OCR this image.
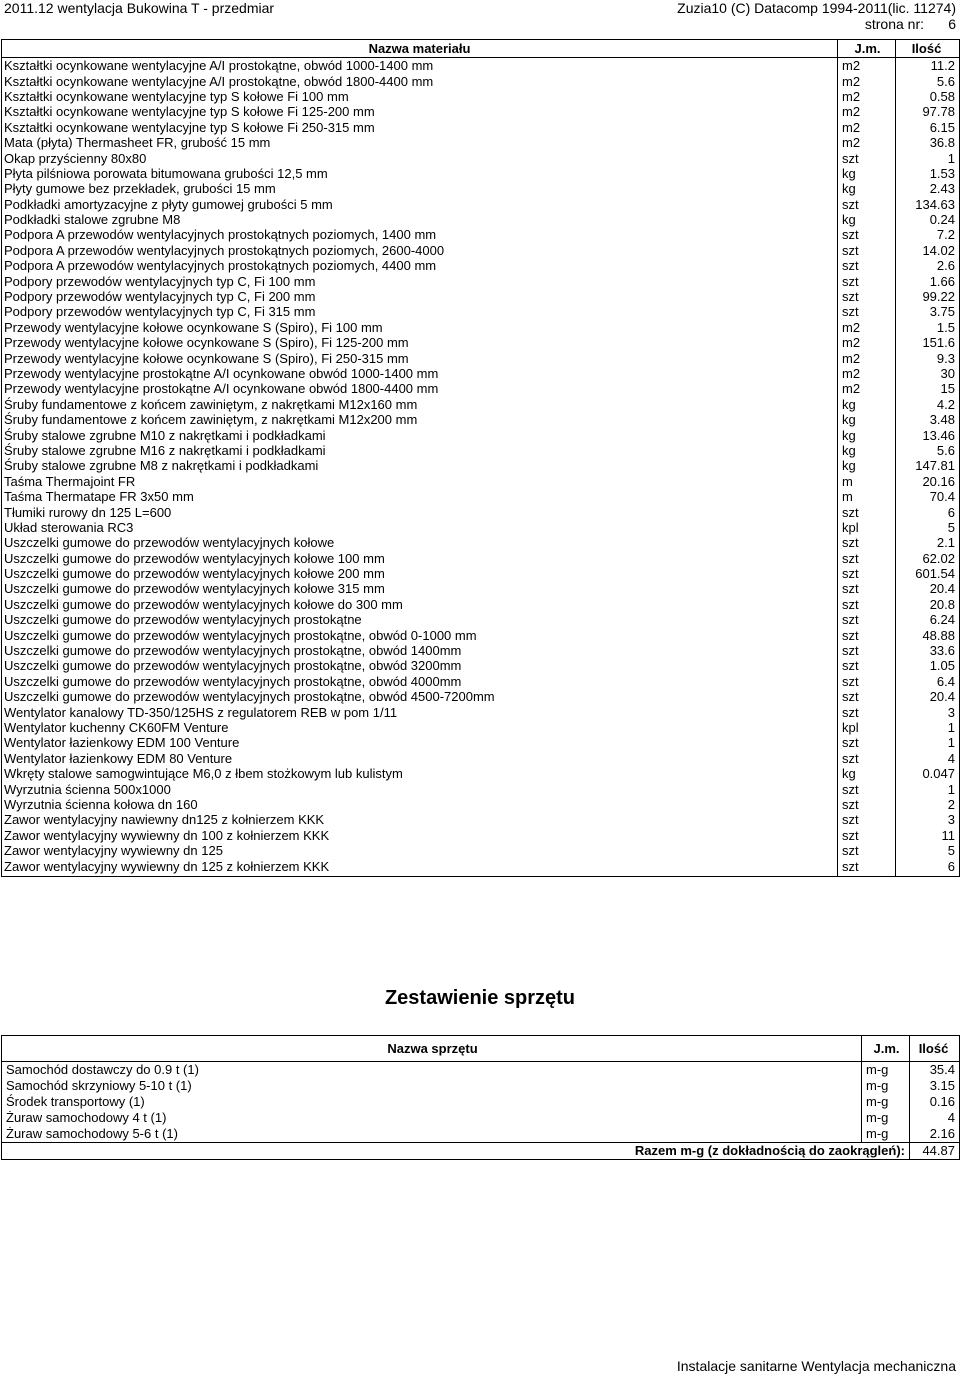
2011.12 wentylacja Bukowina T - przedmiar	Zuzia10 (C) Datacomp 1994-2011(lic. 11274)
strona nr: 6
Nazwa materiału	J.m.	Ilość
Kształtki ocynkowane wentylacyjne A/I prostokątne, obwód 1000-1400 mm	m2	11.2
Kształtki ocynkowane wentylacyjne A/I prostokątne, obwód 1800-4400 mm	m2	5.6
Kształtki ocynkowane wentylacyjne typ S kołowe Fi 100 mm	m2	0.58
Kształtki ocynkowane wentylacyjne typ S kołowe Fi 125-200 mm	m2	97.78
Kształtki ocynkowane wentylacyjne typ S kołowe Fi 250-315 mm	m2	6.15
Mata (płyta) Thermasheet FR, grubość 15 mm	m2	36.8
Okap przyścienny 80x80	szt	1
Płyta pilśniowa porowata bitumowana grubości 12,5 mm	kg	1.53
Płyty gumowe bez przekładek, grubości 15 mm	kg	2.43
Podkładki amortyzacyjne z płyty gumowej grubości 5 mm	szt	134.63
Podkładki stalowe zgrubne M8	kg	0.24
Podpora A przewodów wentylacyjnych prostokątnych poziomych, 1400 mm	szt	7.2
Podpora A przewodów wentylacyjnych prostokątnych poziomych, 2600-4000	szt	14.02
Podpora A przewodów wentylacyjnych prostokątnych poziomych, 4400 mm	szt	2.6
Podpory przewodów wentylacyjnych typ C, Fi 100 mm	szt	1.66
Podpory przewodów wentylacyjnych typ C, Fi 200 mm	szt	99.22
Podpory przewodów wentylacyjnych typ C, Fi 315 mm	szt	3.75
Przewody wentylacyjne kołowe ocynkowane S (Spiro), Fi 100 mm	m2	1.5
Przewody wentylacyjne kołowe ocynkowane S (Spiro), Fi 125-200 mm	m2	151.6
Przewody wentylacyjne kołowe ocynkowane S (Spiro), Fi 250-315 mm	m2	9.3
Przewody wentylacyjne prostokątne A/I ocynkowane obwód 1000-1400 mm	m2	30
Przewody wentylacyjne prostokątne A/I ocynkowane obwód 1800-4400 mm	m2	15
Śruby fundamentowe z końcem zawiniętym, z nakrętkami M12x160 mm	kg	4.2
Śruby fundamentowe z końcem zawiniętym, z nakrętkami M12x200 mm	kg	3.48
Śruby stalowe zgrubne M10 z nakrętkami i podkładkami	kg	13.46
Śruby stalowe zgrubne M16 z nakrętkami i podkładkami	kg	5.6
Śruby stalowe zgrubne M8 z nakrętkami i podkładkami	kg	147.81
Taśma Thermajoint FR	m	20.16
Taśma Thermatape FR 3x50 mm	m	70.4
Tłumiki rurowy dn 125 L=600	szt	6
Układ sterowania RC3	kpl	5
Uszczelki gumowe do przewodów wentylacyjnych kołowe	szt	2.1
Uszczelki gumowe do przewodów wentylacyjnych kołowe 100 mm	szt	62.02
Uszczelki gumowe do przewodów wentylacyjnych kołowe 200 mm	szt	601.54
Uszczelki gumowe do przewodów wentylacyjnych kołowe 315 mm	szt	20.4
Uszczelki gumowe do przewodów wentylacyjnych kołowe do 300 mm	szt	20.8
Uszczelki gumowe do przewodów wentylacyjnych prostokątne	szt	6.24
Uszczelki gumowe do przewodów wentylacyjnych prostokątne, obwód 0-1000 mm	szt	48.88
Uszczelki gumowe do przewodów wentylacyjnych prostokątne, obwód 1400mm	szt	33.6
Uszczelki gumowe do przewodów wentylacyjnych prostokątne, obwód 3200mm	szt	1.05
Uszczelki gumowe do przewodów wentylacyjnych prostokątne, obwód 4000mm	szt	6.4
Uszczelki gumowe do przewodów wentylacyjnych prostokątne, obwód 4500-7200mm	szt	20.4
Wentylator kanalowy TD-350/125HS z regulatorem REB w pom 1/11	szt	3
Wentylator kuchenny CK60FM Venture	kpl	1
Wentylator łazienkowy EDM 100 Venture	szt	1
Wentylator łazienkowy EDM 80 Venture	szt	4
Wkręty stalowe samogwintujące M6,0 z łbem stożkowym lub kulistym	kg	0.047
Wyrzutnia ścienna 500x1000	szt	1
Wyrzutnia ścienna kołowa dn 160	szt	2
Zawor wentylacyjny nawiewny dn125 z kołnierzem KKK	szt	3
Zawor wentylacyjny wywiewny dn 100 z kołnierzem KKK	szt	11
Zawor wentylacyjny wywiewny dn 125	szt	5
Zawor wentylacyjny wywiewny dn 125 z kołnierzem KKK	szt	6
Zestawienie sprzętu
Nazwa sprzętu	J.m.	Ilość
Samochód dostawczy do 0.9 t (1)	m-g	35.4
Samochód skrzyniowy 5-10 t (1)	m-g	3.15
Środek transportowy (1)	m-g	0.16
Żuraw samochodowy 4 t (1)	m-g	4
Żuraw samochodowy 5-6 t (1)	m-g	2.16
Razem m-g (z dokładnością do zaokrągleń):		44.87
Instalacje sanitarne Wentylacja mechaniczna
